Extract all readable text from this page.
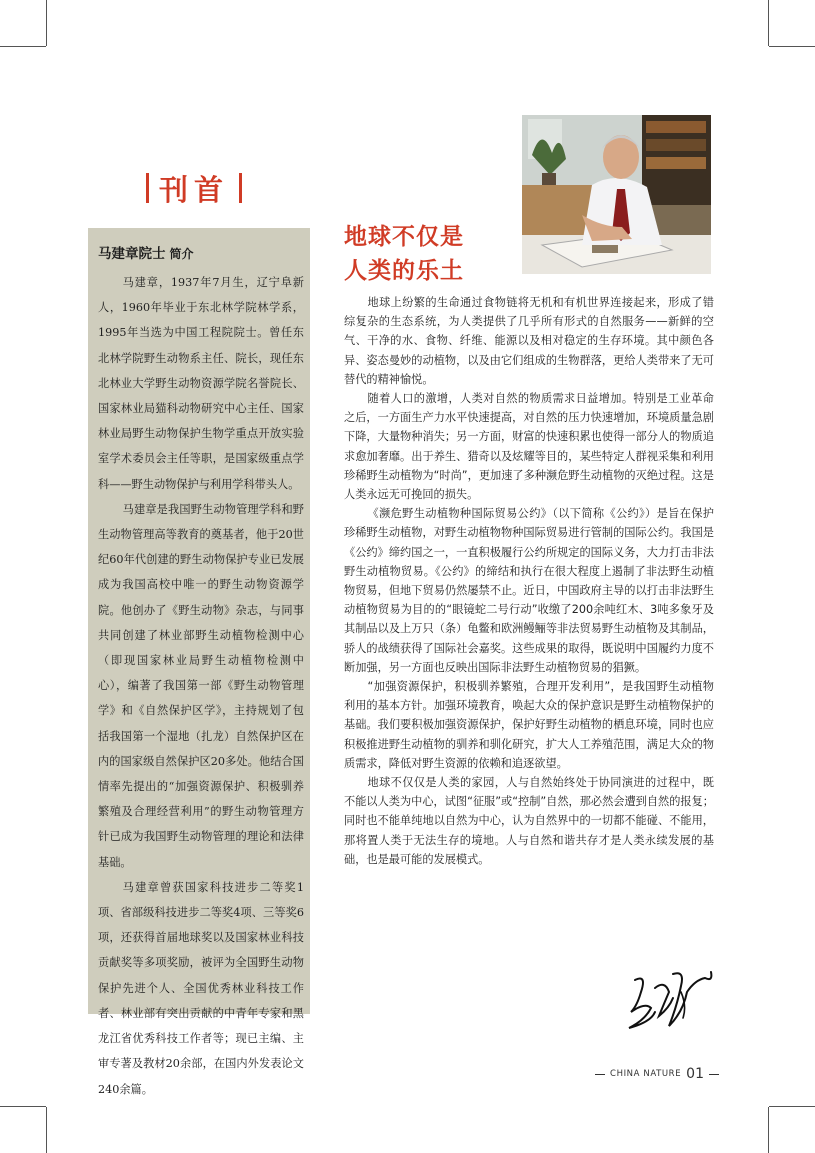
刊首
马建章院士 简介

马建章，1937年7月生，辽宁阜新人，1960年毕业于东北林学院林学系，1995年当选为中国工程院院士。曾任东北林学院野生动物系主任、院长，现任东北林业大学野生动物资源学院名誉院长、国家林业局猫科动物研究中心主任、国家林业局野生动物保护生物学重点开放实验室学术委员会主任等职，是国家级重点学科——野生动物保护与利用学科带头人。

马建章是我国野生动物管理学科和野生动物管理高等教育的奠基者，他于20世纪60年代创建的野生动物保护专业已发展成为我国高校中唯一的野生动物资源学院。他创办了《野生动物》杂志，与同事共同创建了林业部野生动植物检测中心（即现国家林业局野生动植物检测中心），编著了我国第一部《野生动物管理学》和《自然保护区学》，主持规划了包括我国第一个湿地（扎龙）自然保护区在内的国家级自然保护区20多处。他结合国情率先提出的“加强资源保护、积极驯养繁殖及合理经营利用”的野生动物管理方针已成为我国野生动物管理的理论和法律基础。

马建章曾获国家科技进步二等奖1项、省部级科技进步二等奖4项、三等奖6项，还获得首届地球奖以及国家林业科技贡献奖等多项奖励，被评为全国野生动物保护先进个人、全国优秀林业科技工作者、林业部有突出贡献的中青年专家和黑龙江省优秀科技工作者等；现已主编、主审专著及教材20余部，在国内外发表论文240余篇。

地球不仅是
人类的乐土

地球上纷繁的生命通过食物链将无机和有机世界连接起来，形成了错综复杂的生态系统，为人类提供了几乎所有形式的自然服务——新鲜的空气、干净的水、食物、纤维、能源以及相对稳定的生存环境。其中颜色各异、姿态曼妙的动植物，以及由它们组成的生物群落，更给人类带来了无可替代的精神愉悦。

随着人口的激增，人类对自然的物质需求日益增加。特别是工业革命之后，一方面生产力水平快速提高，对自然的压力快速增加，环境质量急剧下降，大量物种消失；另一方面，财富的快速积累也使得一部分人的物质追求愈加奢靡。出于养生、猎奇以及炫耀等目的，某些特定人群视采集和利用珍稀野生动植物为“时尚”，更加速了多种濒危野生动植物的灭绝过程。这是人类永远无可挽回的损失。

《濒危野生动植物种国际贸易公约》（以下简称《公约》）是旨在保护珍稀野生动植物，对野生动植物物种国际贸易进行管制的国际公约。我国是《公约》缔约国之一，一直积极履行公约所规定的国际义务，大力打击非法野生动植物贸易。《公约》的缔结和执行在很大程度上遏制了非法野生动植物贸易，但地下贸易仍然屡禁不止。近日，中国政府主导的以打击非法野生动植物贸易为目的的“眼镜蛇二号行动”收缴了200余吨红木、3吨多象牙及其制品以及上万只（条）龟鳖和欧洲鳗鲡等非法贸易野生动植物及其制品，骄人的战绩获得了国际社会嘉奖。这些成果的取得，既说明中国履约力度不断加强，另一方面也反映出国际非法野生动植物贸易的猖獗。

“加强资源保护，积极驯养繁殖，合理开发利用”，是我国野生动植物利用的基本方针。加强环境教育，唤起大众的保护意识是野生动植物保护的基础。我们要积极加强资源保护，保护好野生动植物的栖息环境，同时也应积极推进野生动植物的驯养和驯化研究，扩大人工养殖范围，满足大众的物质需求，降低对野生资源的依赖和追逐欲望。

地球不仅仅是人类的家园，人与自然始终处于协同演进的过程中，既不能以人类为中心，试图“征服”或“控制”自然，那必然会遭到自然的报复；同时也不能单纯地以自然为中心，认为自然界中的一切都不能碰、不能用，那将置人类于无法生存的境地。人与自然和谐共存才是人类永续发展的基础，也是最可能的发展模式。

CHINA NATURE 01
